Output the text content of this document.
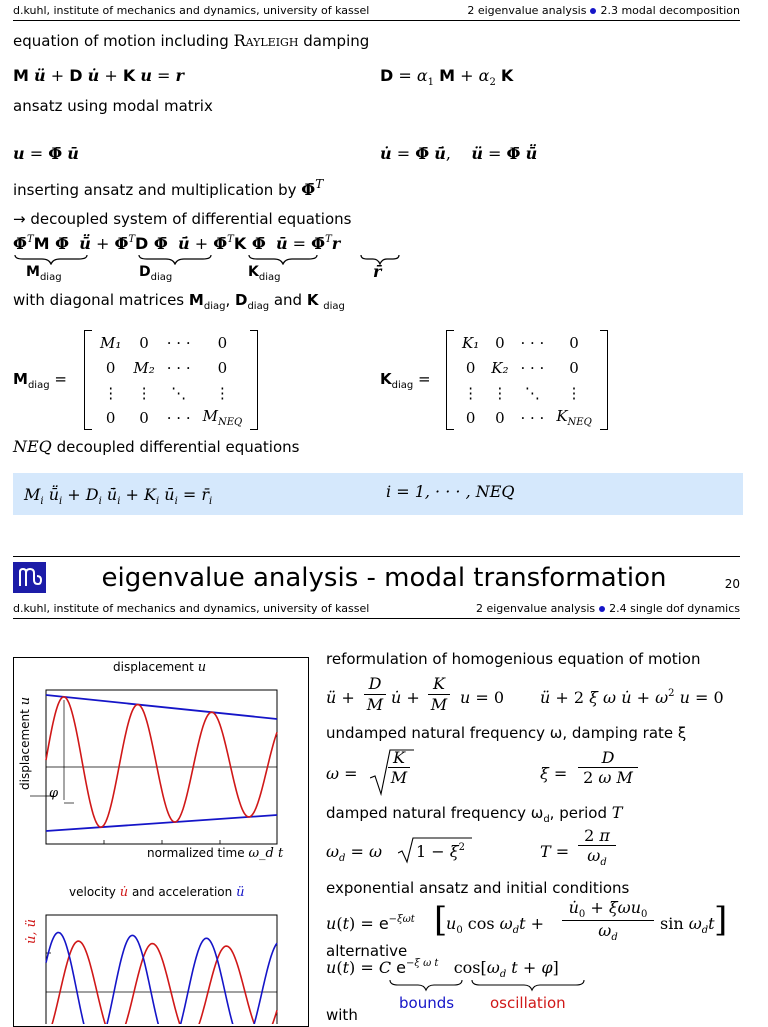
d.kuhl, institute of mechanics and dynamics, university of kassel	2 eigenvalue analysis 2.3 modal decomposition
equation of motion including Rayleigh damping
M ü + D u̇ + K u = r	$D = \alpha_1$ $M + \alpha_2$ K
ansatz using modal matrix
u = Φ̄ ū	u̇ = Φ̄ ū̇,    ü = Φ̄ ṻ
inserting ansatz and multiplication by Φ̄$^T$
→ decoupled system of differential equations
Φ̄$^T$M Φ̄ ṻ + Φ̄$^T$D Φ̄ ū̇ + Φ̄$^T$K Φ̄ ū = Φ̄$^T$r
$M_{diag}$	$D_{diag}$	$K_{diag}$	r̄
with diagonal matrices $M_{diag}$, $D_{diag}$ and K $_{diag}$
$M_{diag}$ =
M₁	0	· · ·	0
0	M₂	· · ·	0
⋮	⋮	⋱	⋮
0	0	· · ·	$M_{NEQ}$
$K_{diag}$ =
K₁	0	· · ·	0
0	K₂	· · ·	0
⋮	⋮	⋱	⋮
0	0	· · ·	$K_{NEQ}$
NEQ decoupled differential equations
$M_i$ ṻ$_i$ + $D_i$ $ū̇_i + K_i$ $ū_i$ = $r̄_i$
i = 1, · · · , NEQ
eigenvalue analysis - modal transformation	20
d.kuhl, institute of mechanics and dynamics, university of kassel	2 eigenvalue analysis 2.4 single dof dynamics
displacement u
displacement u
φ
normalized time ω_d t
velocity u̇ and acceleration ü
u̇, ü
reformulation of homogenious equation of motion
ü +
D
M u̇ +
K
M u = 0 ü + 2 ξ ω u̇ + $\omega^2$ u = 0
undamped natural frequency ω, damping rate ξ
ω =
K
M	ξ =
D
2 ω M
damped natural frequency $\omega_d$, period T
$\omega_d = \omega$ $1 - \xi^2$	T =
2 π
$\omega_d$
exponential ansatz and initial conditions
$u(t) = e^{-\xi\omega t}$ [
$u_0$ $\cos \omega_dt$ +
$u̇_0 + \xi\omega u_0$
$\omega_d$
$\sin \omega_dt$ ]
alternative
u(t) = C $e^{-\xi \omega t}$   $\cos[\omega_d$ t + φ]
bounds oscillation
with
